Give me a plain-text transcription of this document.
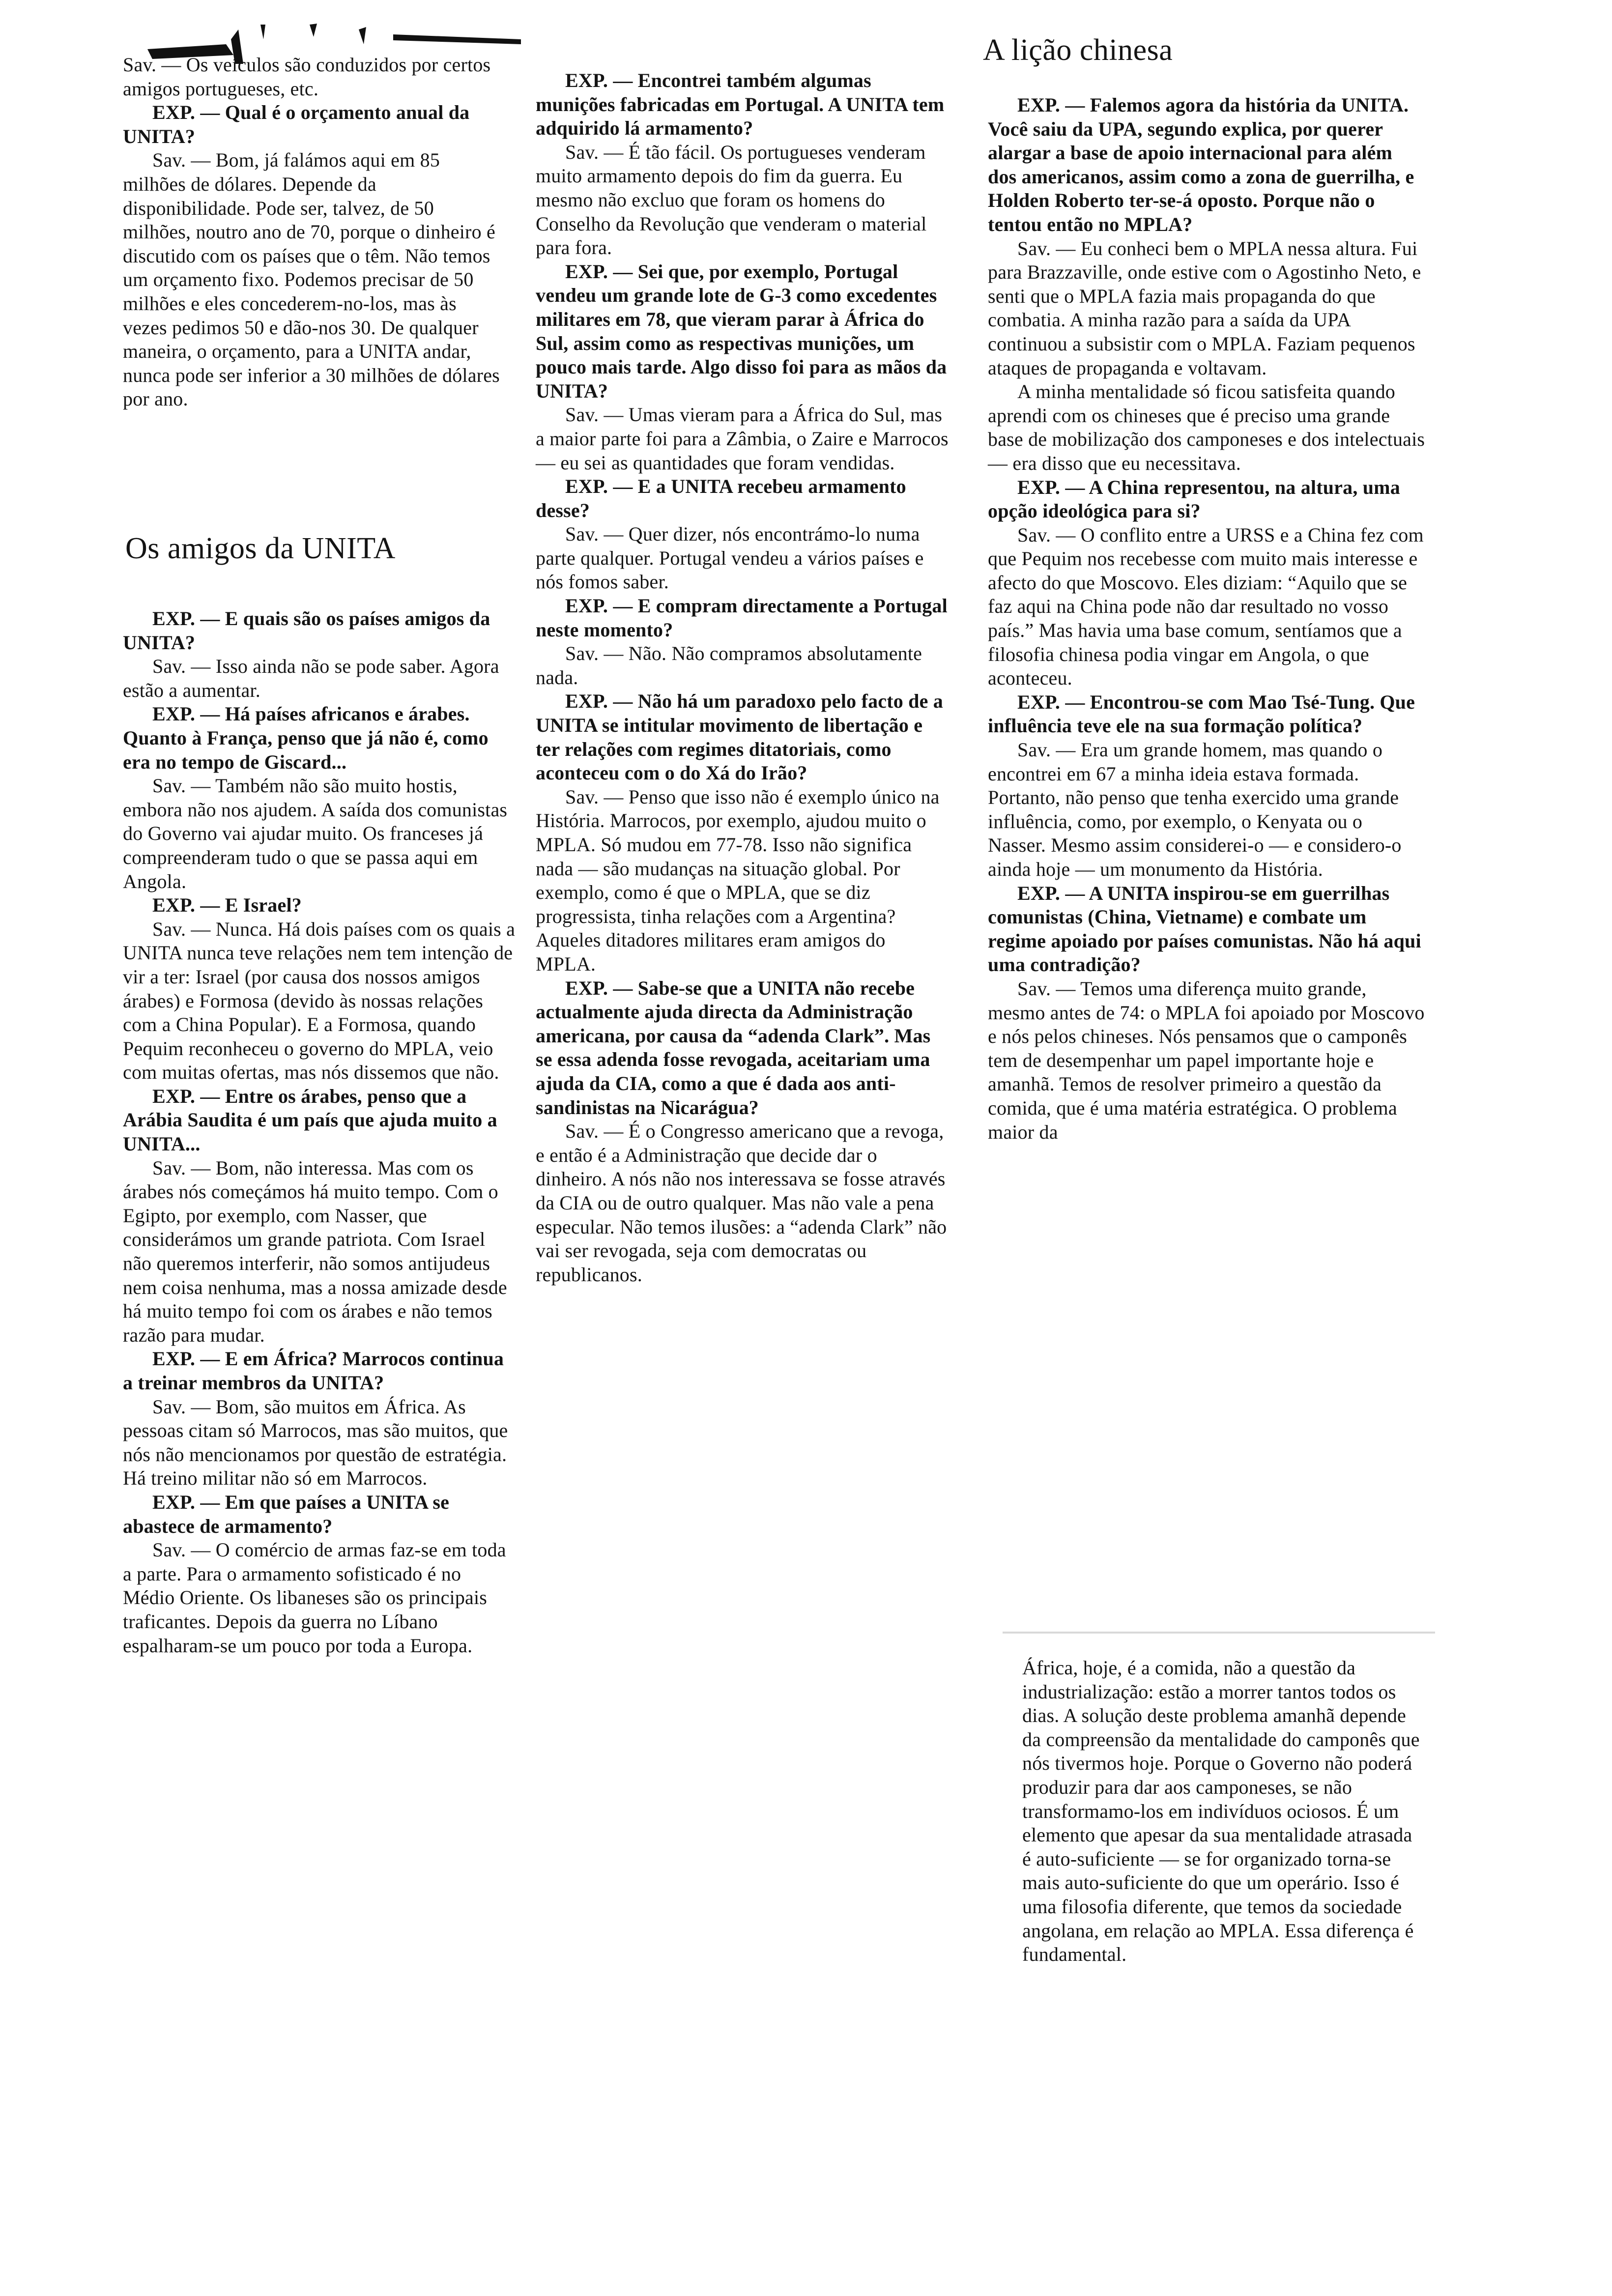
Sav. — Os veículos são conduzidos por certos amigos portugueses, etc.

EXP. — Qual é o orçamento anual da UNITA?

Sav. — Bom, já falámos aqui em 85 milhões de dólares. Depende da disponibilidade. Pode ser, talvez, de 50 milhões, noutro ano de 70, porque o dinheiro é discutido com os países que o têm. Não temos um orçamento fixo. Podemos precisar de 50 milhões e eles concederem-no-los, mas às vezes pedimos 50 e dão-nos 30. De qualquer maneira, o orçamento, para a UNITA andar, nunca pode ser inferior a 30 milhões de dólares por ano.

Os amigos da UNITA

EXP. — E quais são os países amigos da UNITA?

Sav. — Isso ainda não se pode saber. Agora estão a aumentar.

EXP. — Há países africanos e árabes. Quanto à França, penso que já não é, como era no tempo de Giscard...

Sav. — Também não são muito hostis, embora não nos ajudem. A saída dos comunistas do Governo vai ajudar muito. Os franceses já compreenderam tudo o que se passa aqui em Angola.

EXP. — E Israel?

Sav. — Nunca. Há dois países com os quais a UNITA nunca teve relações nem tem intenção de vir a ter: Israel (por causa dos nossos amigos árabes) e Formosa (devido às nossas relações com a China Popular). E a Formosa, quando Pequim reconheceu o governo do MPLA, veio com muitas ofertas, mas nós dissemos que não.

EXP. — Entre os árabes, penso que a Arábia Saudita é um país que ajuda muito a UNITA...

Sav. — Bom, não interessa. Mas com os árabes nós começámos há muito tempo. Com o Egipto, por exemplo, com Nasser, que considerámos um grande patriota. Com Israel não queremos interferir, não somos antijudeus nem coisa nenhuma, mas a nossa amizade desde há muito tempo foi com os árabes e não temos razão para mudar.

EXP. — E em África? Marrocos continua a treinar membros da UNITA?

Sav. — Bom, são muitos em África. As pessoas citam só Marrocos, mas são muitos, que nós não mencionamos por questão de estratégia. Há treino militar não só em Marrocos.

EXP. — Em que países a UNITA se abastece de armamento?

Sav. — O comércio de armas faz-se em toda a parte. Para o armamento sofisticado é no Médio Oriente. Os libaneses são os principais traficantes. Depois da guerra no Líbano espalharam-se um pouco por toda a Europa.

EXP. — Encontrei também algumas munições fabricadas em Portugal. A UNITA tem adquirido lá armamento?

Sav. — É tão fácil. Os portugueses venderam muito armamento depois do fim da guerra. Eu mesmo não excluo que foram os homens do Conselho da Revolução que venderam o material para fora.

EXP. — Sei que, por exemplo, Portugal vendeu um grande lote de G-3 como excedentes militares em 78, que vieram parar à África do Sul, assim como as respectivas munições, um pouco mais tarde. Algo disso foi para as mãos da UNITA?

Sav. — Umas vieram para a África do Sul, mas a maior parte foi para a Zâmbia, o Zaire e Marrocos — eu sei as quantidades que foram vendidas.

EXP. — E a UNITA recebeu armamento desse?

Sav. — Quer dizer, nós encontrámo-lo numa parte qualquer. Portugal vendeu a vários países e nós fomos saber.

EXP. — E compram directamente a Portugal neste momento?

Sav. — Não. Não compramos absolutamente nada.

EXP. — Não há um paradoxo pelo facto de a UNITA se intitular movimento de libertação e ter relações com regimes ditatoriais, como aconteceu com o do Xá do Irão?

Sav. — Penso que isso não é exemplo único na História. Marrocos, por exemplo, ajudou muito o MPLA. Só mudou em 77-78. Isso não significa nada — são mudanças na situação global. Por exemplo, como é que o MPLA, que se diz progressista, tinha relações com a Argentina? Aqueles ditadores militares eram amigos do MPLA.

EXP. — Sabe-se que a UNITA não recebe actualmente ajuda directa da Administração americana, por causa da “adenda Clark”. Mas se essa adenda fosse revogada, aceitariam uma ajuda da CIA, como a que é dada aos anti-sandinistas na Nicarágua?

Sav. — É o Congresso americano que a revoga, e então é a Administração que decide dar o dinheiro. A nós não nos interessava se fosse através da CIA ou de outro qualquer. Mas não vale a pena especular. Não temos ilusões: a “adenda Clark” não vai ser revogada, seja com democratas ou republicanos.

A lição chinesa

EXP. — Falemos agora da história da UNITA. Você saiu da UPA, segundo explica, por querer alargar a base de apoio internacional para além dos americanos, assim como a zona de guerrilha, e Holden Roberto ter-se-á oposto. Porque não o tentou então no MPLA?

Sav. — Eu conheci bem o MPLA nessa altura. Fui para Brazzaville, onde estive com o Agostinho Neto, e senti que o MPLA fazia mais propaganda do que combatia. A minha razão para a saída da UPA continuou a subsistir com o MPLA. Faziam pequenos ataques de propaganda e voltavam.

A minha mentalidade só ficou satisfeita quando aprendi com os chineses que é preciso uma grande base de mobilização dos camponeses e dos intelectuais — era disso que eu necessitava.

EXP. — A China representou, na altura, uma opção ideológica para si?

Sav. — O conflito entre a URSS e a China fez com que Pequim nos recebesse com muito mais interesse e afecto do que Moscovo. Eles diziam: “Aquilo que se faz aqui na China pode não dar resultado no vosso país.” Mas havia uma base comum, sentíamos que a filosofia chinesa podia vingar em Angola, o que aconteceu.

EXP. — Encontrou-se com Mao Tsé-Tung. Que influência teve ele na sua formação política?

Sav. — Era um grande homem, mas quando o encontrei em 67 a minha ideia estava formada. Portanto, não penso que tenha exercido uma grande influência, como, por exemplo, o Kenyata ou o Nasser. Mesmo assim considerei-o — e considero-o ainda hoje — um monumento da História.

EXP. — A UNITA inspirou-se em guerrilhas comunistas (China, Vietname) e combate um regime apoiado por países comunistas. Não há aqui uma contradição?

Sav. — Temos uma diferença muito grande, mesmo antes de 74: o MPLA foi apoiado por Moscovo e nós pelos chineses. Nós pensamos que o camponês tem de desempenhar um papel importante hoje e amanhã. Temos de resolver primeiro a questão da comida, que é uma matéria estratégica. O problema maior da

África, hoje, é a comida, não a questão da industrialização: estão a morrer tantos todos os dias. A solução deste problema amanhã depende da compreensão da mentalidade do camponês que nós tivermos hoje. Porque o Governo não poderá produzir para dar aos camponeses, se não transformamo-los em indivíduos ociosos. É um elemento que apesar da sua mentalidade atrasada é auto-suficiente — se for organizado tornа-se mais auto-suficiente do que um operário. Isso é uma filosofia diferente, que temos da sociedade angolana, em relação ao MPLA. Essa diferença é fundamental.
